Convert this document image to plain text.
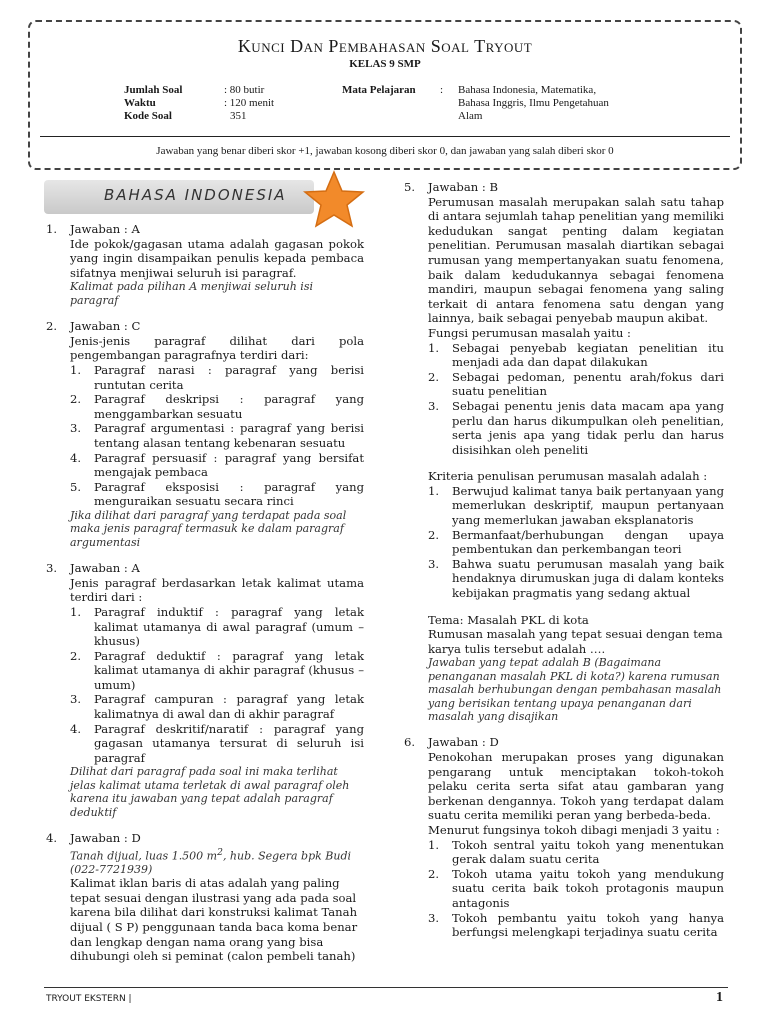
Kunci Dan Pembahasan Soal Tryout
KELAS 9 SMP
Jumlah Soal	: 80 butir
Waktu	: 120 menit
Kode Soal	351
Mata Pelajaran : Bahasa Indonesia, Matematika,
Bahasa Inggris, Ilmu Pengetahuan
Alam
Jawaban yang benar diberi skor +1, jawaban kosong diberi skor 0, dan jawaban yang salah diberi skor 0
BAHASA INDONESIA
1. Jawaban : A
Ide pokok/gagasan utama adalah gagasan pokok yang ingin disampaikan penulis kepada pembaca sifatnya menjiwai seluruh isi paragraf.
Kalimat pada pilihan A menjiwai seluruh isi paragraf
2. Jawaban : C
Jenis-jenis paragraf dilihat dari pola pengembangan paragrafnya terdiri dari:
1. Paragraf narasi : paragraf yang berisi runtutan cerita
2. Paragraf deskripsi : paragraf yang menggambarkan sesuatu
3. Paragraf argumentasi : paragraf yang berisi tentang alasan tentang kebenaran sesuatu
4. Paragraf persuasif : paragraf yang bersifat mengajak pembaca
5. Paragraf eksposisi : paragraf yang menguraikan sesuatu secara rinci
Jika dilihat dari paragraf yang terdapat pada soal maka jenis paragraf termasuk ke dalam paragraf argumentasi
3. Jawaban : A
Jenis paragraf berdasarkan letak kalimat utama terdiri dari :
1. Paragraf induktif : paragraf yang letak kalimat utamanya di awal paragraf (umum – khusus)
2. Paragraf deduktif : paragraf yang letak kalimat utamanya di akhir paragraf (khusus – umum)
3. Paragraf campuran : paragraf yang letak kalimatnya di awal dan di akhir paragraf
4. Paragraf deskritif/naratif : paragraf yang gagasan utamanya tersurat di seluruh isi paragraf
Dilihat dari paragraf pada soal ini maka terlihat jelas kalimat utama terletak di awal paragraf oleh karena itu jawaban yang tepat adalah paragraf deduktif
4. Jawaban : D
Tanah dijual, luas 1.500 $m^2$, hub. Segera bpk Budi (022-7721939)
Kalimat iklan baris di atas adalah yang paling tepat sesuai dengan ilustrasi yang ada pada soal karena bila dilihat dari konstruksi kalimat Tanah dijual ( S P) penggunaan tanda baca koma benar dan lengkap dengan nama orang yang bisa dihubungi oleh si peminat (calon pembeli tanah)
5. Jawaban : B
Perumusan masalah merupakan salah satu tahap di antara sejumlah tahap penelitian yang memiliki kedudukan sangat penting dalam kegiatan penelitian. Perumusan masalah diartikan sebagai rumusan yang mempertanyakan suatu fenomena, baik dalam kedudukannya sebagai fenomena mandiri, maupun sebagai fenomena yang saling terkait di antara fenomena satu dengan yang lainnya, baik sebagai penyebab maupun akibat.
Fungsi perumusan masalah yaitu :
1. Sebagai penyebab kegiatan penelitian itu menjadi ada dan dapat dilakukan
2. Sebagai pedoman, penentu arah/fokus dari suatu penelitian
3. Sebagai penentu jenis data macam apa yang perlu dan harus dikumpulkan oleh penelitian, serta jenis apa yang tidak perlu dan harus disisihkan oleh peneliti
Kriteria penulisan perumusan masalah adalah :
1. Berwujud kalimat tanya baik pertanyaan yang memerlukan deskriptif, maupun pertanyaan yang memerlukan jawaban eksplanatoris
2. Bermanfaat/berhubungan dengan upaya pembentukan dan perkembangan teori
3. Bahwa suatu perumusan masalah yang baik hendaknya dirumuskan juga di dalam konteks kebijakan pragmatis yang sedang aktual
Tema: Masalah PKL di kota
Rumusan masalah yang tepat sesuai dengan tema karya tulis tersebut adalah ….
Jawaban yang tepat adalah B (Bagaimana penanganan masalah PKL di kota?) karena rumusan masalah berhubungan dengan pembahasan masalah yang berisikan tentang upaya penanganan dari masalah yang disajikan
6. Jawaban : D
Penokohan merupakan proses yang digunakan pengarang untuk menciptakan tokoh-tokoh pelaku cerita serta sifat atau gambaran yang berkenan dengannya. Tokoh yang terdapat dalam suatu cerita memiliki peran yang berbeda-beda.
Menurut fungsinya tokoh dibagi menjadi 3 yaitu :
1. Tokoh sentral yaitu tokoh yang menentukan gerak dalam suatu cerita
2. Tokoh utama yaitu tokoh yang mendukung suatu cerita baik tokoh protagonis maupun antagonis
3. Tokoh pembantu yaitu tokoh yang hanya berfungsi melengkapi terjadinya suatu cerita
TRYOUT EKSTERN |	1
